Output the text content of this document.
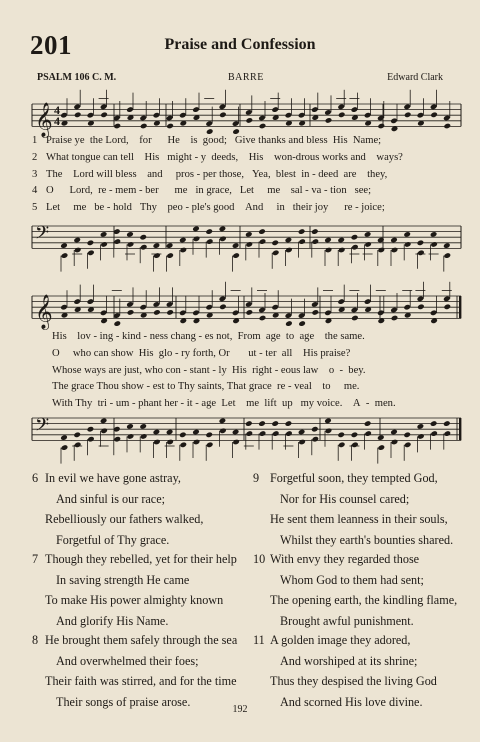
201	Praise and Confession
PSALM 106 C. M.	BARRE	Edward Clark
𝄞 4
4
𝄢
1 Praise ye  the Lord,    for      He    is  good;   Give thanks and bless  His  Name;
2 What tongue can tell    His   might - y  deeds,    His    won-drous works and    ways?
3 The    Lord will bless    and     pros - per those,   Yea,  blest  in - deed  are    they,
4 O      Lord,  re - mem - ber      me   in grace,   Let     me    sal - va - tion   see;
5 Let     me   be - hold   Thy    peo - ple's good    And     in   their joy      re - joice;
𝄞
𝄢
His    lov - ing - kind - ness chang - es not,  From  age  to  age    the same.
O     who can show  His  glo - ry forth, Or       ut - ter  all    His praise?
Whose ways are just, who con - stant - ly  His  right - eous law    o  -  bey.
The grace Thou show - est to Thy saints, That grace  re - veal    to     me.
With Thy  tri - um - phant her - it - age  Let    me  lift  up   my voice.    A  -  men.
In evil we have gone astray,
And sinful is our race;
Rebelliously our fathers walked,
Forgetful of Thy grace.
6
Though they rebelled, yet for their help
In saving strength He came
To make His power almighty known
And glorify His Name.
7
He brought them safely through the sea
And overwhelmed their foes;
Their faith was stirred, and for the time
Their songs of praise arose.
8
Forgetful soon, they tempted God,
Nor for His counsel cared;
He sent them leanness in their souls,
Whilst they earth's bounties shared.
9
With envy they regarded those
Whom God to them had sent;
The opening earth, the kindling flame,
Brought awful punishment.
10
A golden image they adored,
And worshiped at its shrine;
Thus they despised the living God
And scorned His love divine.
11
192
